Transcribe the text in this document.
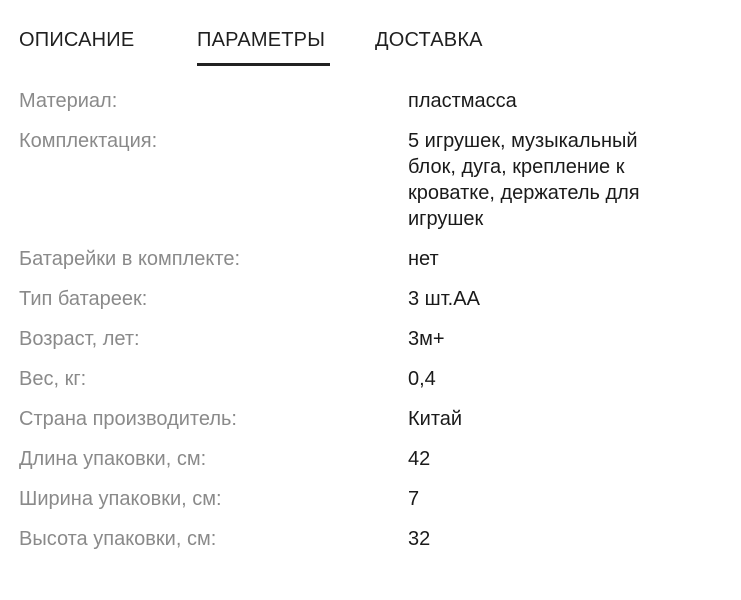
ОПИСАНИЕ	ПАРАМЕТРЫ ДОСТАВКА
Материал:	пластмасса
Комплектация:	5 игрушек, музыкальный блок, дуга, крепление к кроватке, держатель для игрушек
Батарейки в комплекте:	нет
Тип батареек:	3 шт.АА
Возраст, лет:	3м+
Вес, кг:	0,4
Страна производитель:	Китай
Длина упаковки, см:	42
Ширина упаковки, см:	7
Высота упаковки, см:	32
